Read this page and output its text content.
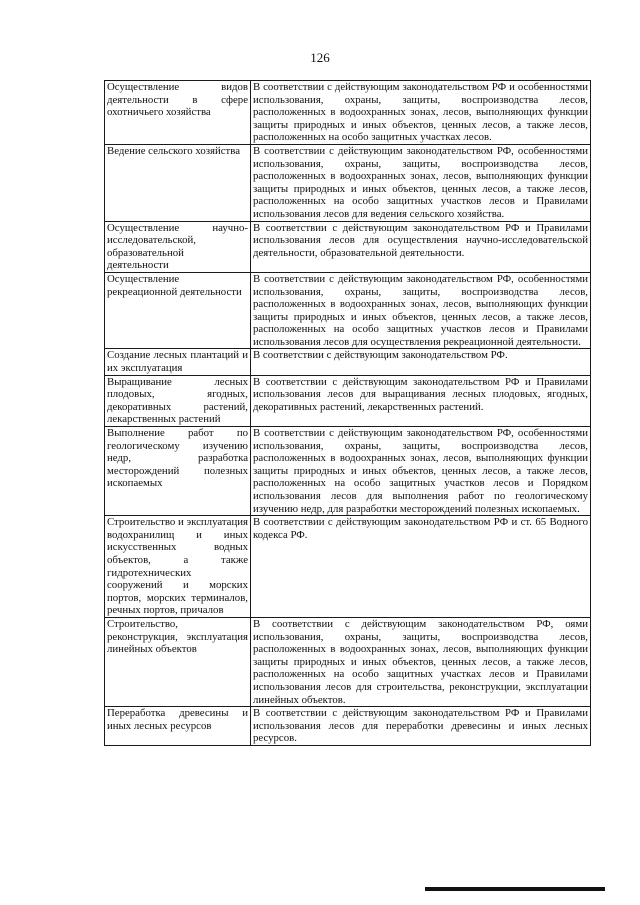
126
Осуществление видов деятельности в сфере охотничьего хозяйства	В соответствии с действующим законодательством РФ и особенностями использования, охраны, защиты, воспроизводства лесов, расположенных в водоохранных зонах, лесов, выполняющих функции защиты природных и иных объектов, ценных лесов, а также лесов, расположенных на особо защитных участках лесов.
Ведение сельского хозяйства	В соответствии с действующим законодательством РФ, особенностями использования, охраны, защиты, воспроизводства лесов, расположенных в водоохранных зонах, лесов, выполняющих функции защиты природных и иных объектов, ценных лесов, а также лесов, расположенных на особо защитных участков лесов и Правилами использования лесов для ведения сельского хозяйства.
Осуществление научно-исследовательской, образовательной деятельности	В соответствии с действующим законодательством РФ и Правилами использования лесов для осуществления научно-исследовательской деятельности, образовательной деятельности.
Осуществление рекреационной деятельности	В соответствии с действующим законодательством РФ, особенностями использования, охраны, защиты, воспроизводства лесов, расположенных в водоохранных зонах, лесов, выполняющих функции защиты природных и иных объектов, ценных лесов, а также лесов, расположенных на особо защитных участков лесов и Правилами использования лесов для осуществления рекреационной деятельности.
Создание лесных плантаций и их эксплуатация	В соответствии с действующим законодательством РФ.
Выращивание лесных плодовых, ягодных, декоративных растений, лекарственных растений	В соответствии с действующим законодательством РФ и Правилами использования лесов для выращивания лесных плодовых, ягодных, декоративных растений, лекарственных растений.
Выполнение работ по геологическому изучению недр, разработка месторождений полезных ископаемых	В соответствии с действующим законодательством РФ, особенностями использования, охраны, защиты, воспроизводства лесов, расположенных в водоохранных зонах, лесов, выполняющих функции защиты природных и иных объектов, ценных лесов, а также лесов, расположенных на особо защитных участков лесов и Порядком использования лесов для выполнения работ по геологическому изучению недр, для разработки месторождений полезных ископаемых.
Строительство и эксплуатация водохранилищ и иных искусственных водных объектов, а также гидротехнических сооружений и морских портов, морских терминалов, речных портов, причалов	В соответствии с действующим законодательством РФ и ст. 65 Водного кодекса РФ.
Строительство, реконструкция, эксплуатация линейных объектов	В соответствии с действующим законодательством РФ, оями использования, охраны, защиты, воспроизводства лесов, расположенных в водоохранных зонах, лесов, выполняющих функции защиты природных и иных объектов, ценных лесов, а также лесов, расположенных на особо защитных участках лесов и Правилами использования лесов для строительства, реконструкции, эксплуатации линейных объектов.
Переработка древесины и иных лесных ресурсов	В соответствии с действующим законодательством РФ и Правилами использования лесов для переработки древесины и иных лесных ресурсов.
